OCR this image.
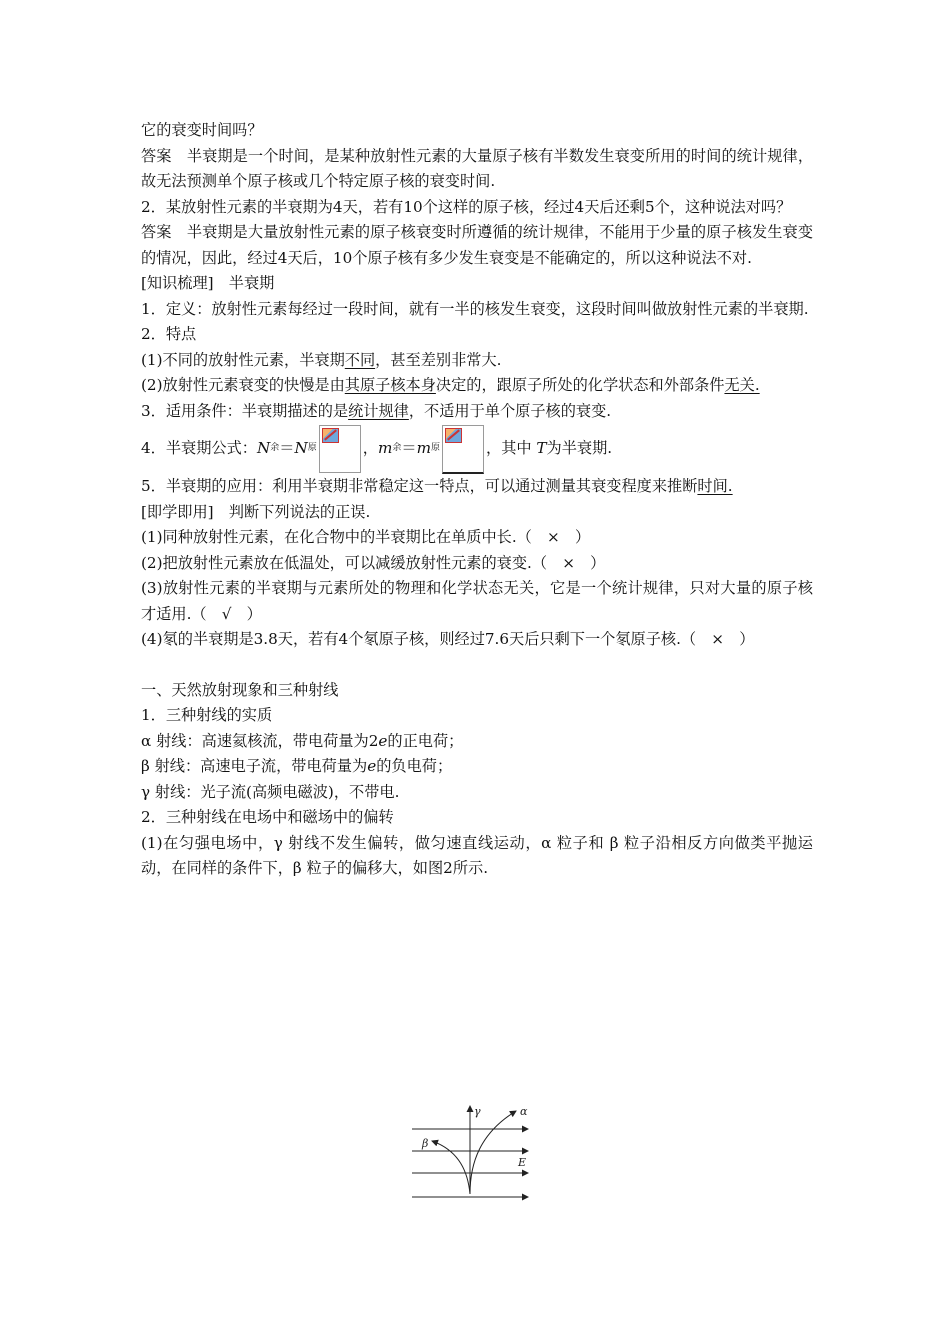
它的衰变时间吗？

答案　半衰期是一个时间，是某种放射性元素的大量原子核有半数发生衰变所用的时间的统计规律，故无法预测单个原子核或几个特定原子核的衰变时间.

2．某放射性元素的半衰期为4天，若有10个这样的原子核，经过4天后还剩5个，这种说法对吗？

答案　半衰期是大量放射性元素的原子核衰变时所遵循的统计规律，不能用于少量的原子核发生衰变的情况，因此，经过4天后，10个原子核有多少发生衰变是不能确定的，所以这种说法不对.

[知识梳理]　半衰期

1．定义：放射性元素每经过一段时间，就有一半的核发生衰变，这段时间叫做放射性元素的半衰期.

2．特点

(1)不同的放射性元素，半衰期不同，甚至差别非常大.

(2)放射性元素衰变的快慢是由其原子核本身决定的，跟原子所处的化学状态和外部条件无关.

3．适用条件：半衰期描述的是统计规律，不适用于单个原子核的衰变.

4．半衰期公式： N 余 ＝ N 原	， m 余 ＝ m 原	，其中 T 为半衰期.

5．半衰期的应用：利用半衰期非常稳定这一特点，可以通过测量其衰变程度来推断时间.

[即学即用]　判断下列说法的正误.

(1)同种放射性元素，在化合物中的半衰期比在单质中长.（　×　）

(2)把放射性元素放在低温处，可以减缓放射性元素的衰变.（　×　）

(3)放射性元素的半衰期与元素所处的物理和化学状态无关，它是一个统计规律，只对大量的原子核才适用.（　√　）

(4)氡的半衰期是3.8天，若有4个氡原子核，则经过7.6天后只剩下一个氡原子核.（　×　）

一、天然放射现象和三种射线

1．三种射线的实质

α 射线：高速氦核流，带电荷量为2e的正电荷；

β 射线：高速电子流，带电荷量为e的负电荷；

γ 射线：光子流(高频电磁波)，不带电.

2．三种射线在电场中和磁场中的偏转

(1)在匀强电场中，γ 射线不发生偏转，做匀速直线运动，α 粒子和 β 粒子沿相反方向做类平抛运动，在同样的条件下，β 粒子的偏移大，如图2所示.

γ	α
β
E
